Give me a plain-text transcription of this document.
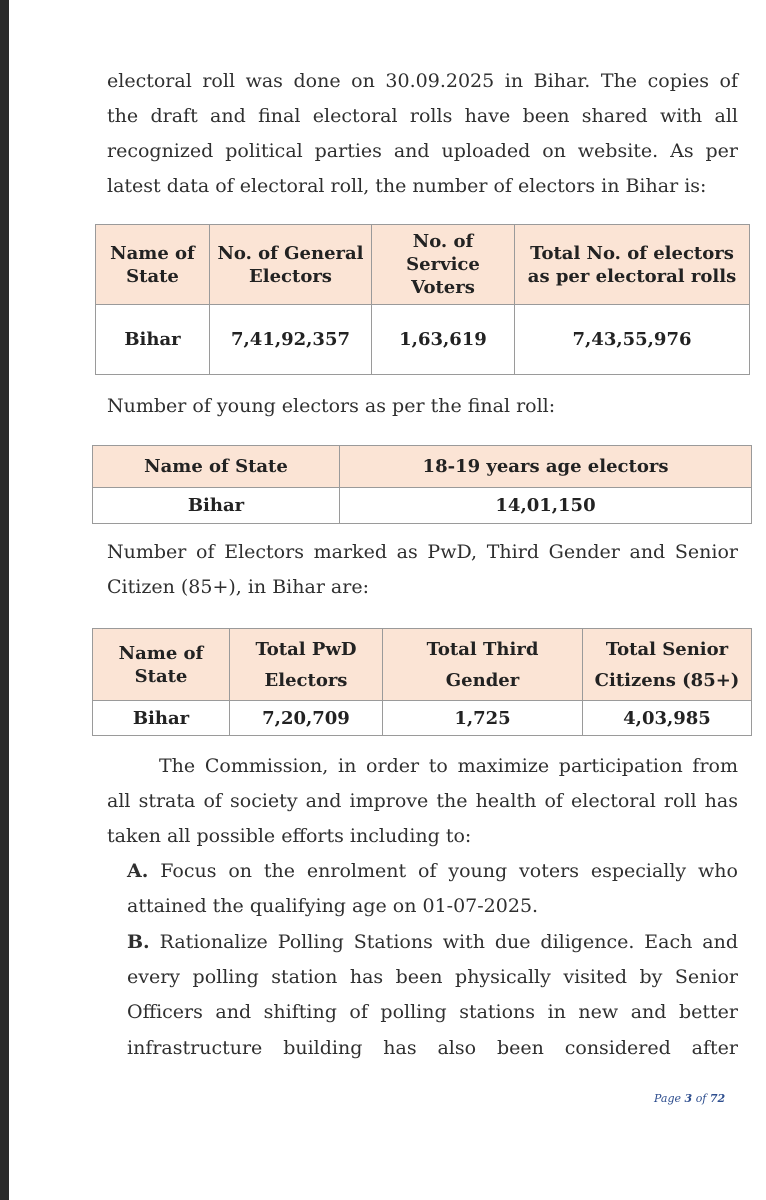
electoral roll was done on 30.09.2025 in Bihar. The copies of

the draft and final electoral rolls have been shared with all

recognized political parties and uploaded on website. As per

latest data of electoral roll, the number of electors in Bihar is:

Name of State	No. of General Electors	No. of Service Voters	Total No. of electors as per electoral rolls
Bihar	7,41,92,357	1,63,619	7,43,55,976

Number of young electors as per the final roll:

Name of State	18-19 years age electors
Bihar	14,01,150

Number of Electors marked as PwD, Third Gender and Senior

Citizen (85+), in Bihar are:

Name of State	Total PwD Electors	Total Third Gender	Total Senior Citizens (85+)
Bihar	7,20,709	1,725	4,03,985

The Commission, in order to maximize participation from

all strata of society and improve the health of electoral roll has

taken all possible efforts including to:

A. Focus on the enrolment of young voters especially who

attained the qualifying age on 01-07-2025.

B. Rationalize Polling Stations with due diligence. Each and

every polling station has been physically visited by Senior

Officers and shifting of polling stations in new and better

infrastructure building has also been considered after

Page 3 of 72
